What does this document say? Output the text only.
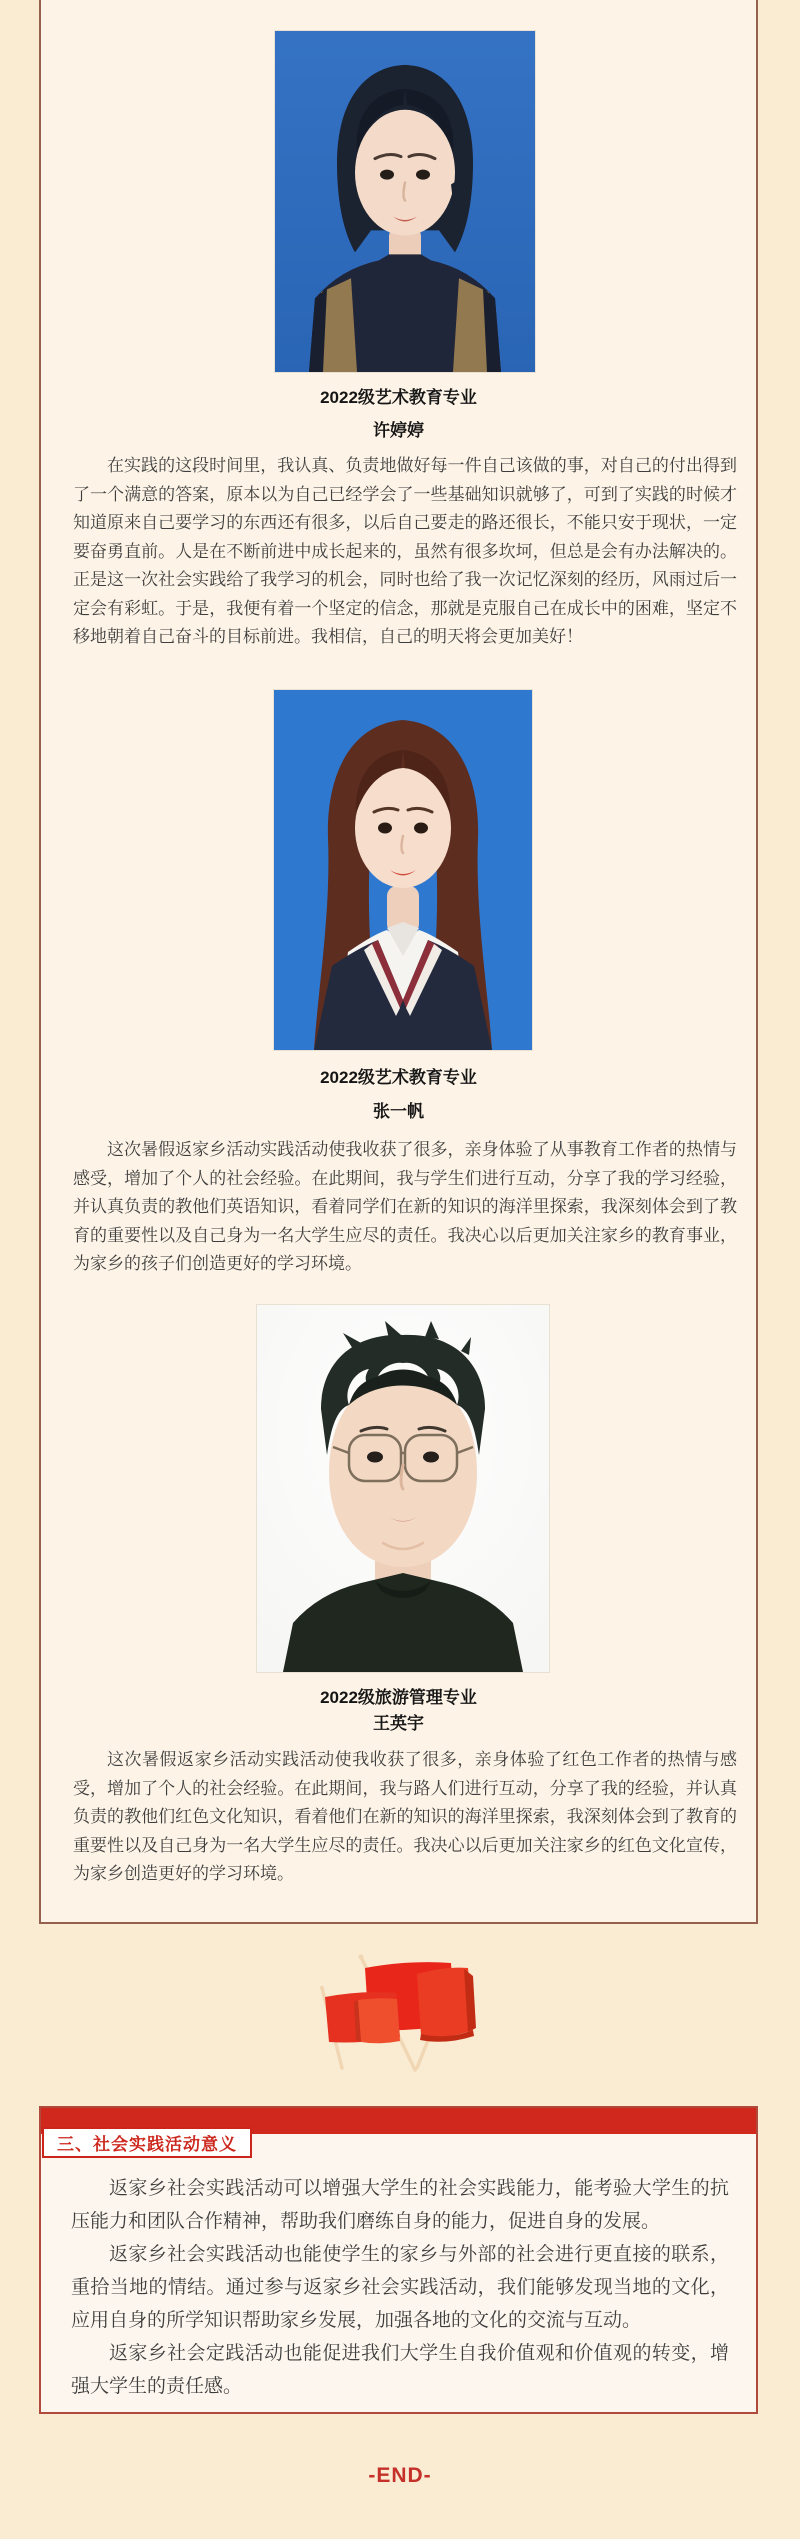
2022级艺术教育专业
许婷婷

在实践的这段时间里，我认真、负责地做好每一件自己该做的事，对自己的付出得到了一个满意的答案，原本以为自己已经学会了一些基础知识就够了，可到了实践的时候才知道原来自己要学习的东西还有很多，以后自己要走的路还很长，不能只安于现状，一定要奋勇直前。人是在不断前进中成长起来的，虽然有很多坎坷，但总是会有办法解决的。正是这一次社会实践给了我学习的机会，同时也给了我一次记忆深刻的经历，风雨过后一定会有彩虹。于是，我便有着一个坚定的信念，那就是克服自己在成长中的困难，坚定不移地朝着自己奋斗的目标前进。我相信，自己的明天将会更加美好！

2022级艺术教育专业
张一帆

这次暑假返家乡活动实践活动使我收获了很多，亲身体验了从事教育工作者的热情与感受，增加了个人的社会经验。在此期间，我与学生们进行互动，分享了我的学习经验，并认真负责的教他们英语知识，看着同学们在新的知识的海洋里探索，我深刻体会到了教育的重要性以及自己身为一名大学生应尽的责任。我决心以后更加关注家乡的教育事业，为家乡的孩子们创造更好的学习环境。

2022级旅游管理专业
王英宇

这次暑假返家乡活动实践活动使我收获了很多，亲身体验了红色工作者的热情与感受，增加了个人的社会经验。在此期间，我与路人们进行互动，分享了我的经验，并认真负责的教他们红色文化知识，看着他们在新的知识的海洋里探索，我深刻体会到了教育的重要性以及自己身为一名大学生应尽的责任。我决心以后更加关注家乡的红色文化宣传，为家乡创造更好的学习环境。

三、社会实践活动意义

返家乡社会实践活动可以增强大学生的社会实践能力，能考验大学生的抗压能力和团队合作精神，帮助我们磨练自身的能力，促进自身的发展。

返家乡社会实践活动也能使学生的家乡与外部的社会进行更直接的联系，重拾当地的情结。通过参与返家乡社会实践活动，我们能够发现当地的文化，应用自身的所学知识帮助家乡发展，加强各地的文化的交流与互动。

返家乡社会定践活动也能促进我们大学生自我价值观和价值观的转变，增强大学生的责任感。

-END-
